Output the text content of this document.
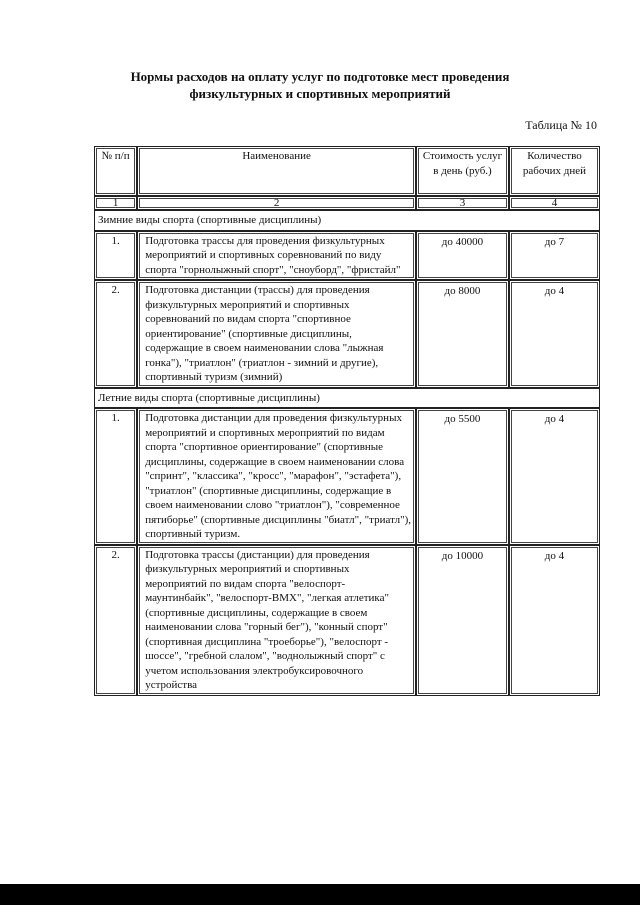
Нормы расходов на оплату услуг по подготовке мест проведения
физкультурных и спортивных мероприятий
Таблица № 10
№ п/п	Наименование	Стоимость услуг в день (руб.)	Количество рабочих дней
1	2	3	4
Зимние виды спорта (спортивные дисциплины)			
1.	Подготовка трассы для проведения физкультурных мероприятий и спортивных соревнований по виду спорта "горнолыжный спорт", "сноуборд", "фристайл"	до 40000	до 7
2.	Подготовка дистанции (трассы) для проведения физкультурных мероприятий и спортивных соревнований по видам спорта "спортивное ориентирование" (спортивные дисциплины, содержащие в своем наименовании слова "лыжная гонка"), "триатлон" (триатлон - зимний и другие), спортивный туризм (зимний)	до 8000	до 4
Летние виды спорта (спортивные дисциплины)			
1.	Подготовка дистанции для проведения физкультурных мероприятий и спортивных мероприятий по видам спорта "спортивное ориентирование" (спортивные дисциплины, содержащие в своем наименовании слова "спринт", "классика", "кросс", "марафон", "эстафета"), "триатлон" (спортивные дисциплины, содержащие в своем наименовании слово "триатлон"), "современное пятиборье" (спортивные дисциплины "биатл", "триатл"), спортивный туризм.	до 5500	до 4
2.	Подготовка трассы (дистанции) для проведения физкультурных мероприятий и спортивных мероприятий по видам спорта "велоспорт-маунтинбайк", "велоспорт-ВМХ", "легкая атлетика" (спортивные дисциплины, содержащие в своем наименовании слова "горный бег"), "конный спорт" (спортивная дисциплина "троеборье"), "велоспорт - шоссе", "гребной слалом", "воднолыжный спорт" с учетом использования электробуксировочного устройства	до 10000	до 4
